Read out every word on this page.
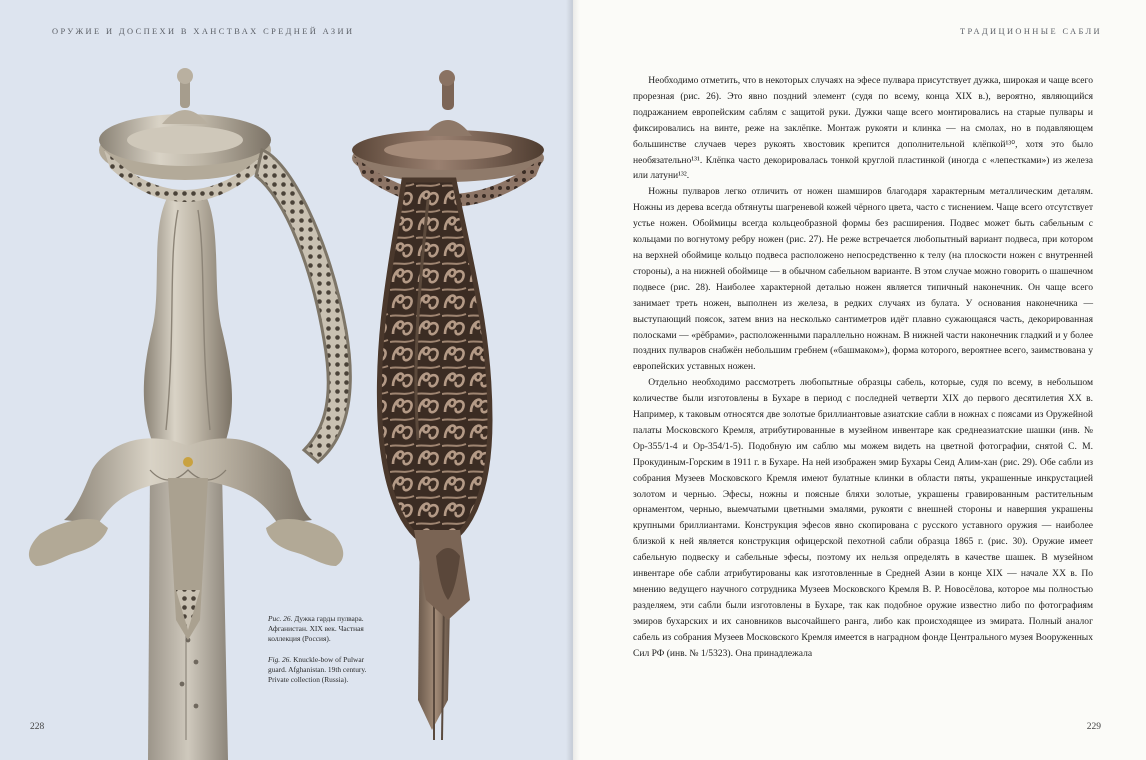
ОРУЖИЕ И ДОСПЕХИ В ХАНСТВАХ СРЕДНЕЙ АЗИИ
Рис. 26. Дужка гарды пулвара. Афганистан. XIX век. Частная коллекция (Россия).
Fig. 26. Knuckle-bow of Pulwar guard. Afghanistan. 19th century. Private collection (Russia).
228
ТРАДИЦИОННЫЕ САБЛИ

Необходимо отметить, что в некоторых случаях на эфесе пулвара присутствует дужка, широкая и чаще всего прорезная (рис. 26). Это явно поздний элемент (судя по всему, конца XIX в.), вероятно, являющийся подражанием европейским саблям с защитой руки. Дужки чаще всего монтировались на старые пулвары и фиксировались на винте, реже на заклёпке. Монтаж рукояти и клинка — на смолах, но в подавляющем большинстве случаев через рукоять хвостовик крепится дополнительной клёпкой¹³⁰, хотя это было необязательно¹³¹. Клёпка часто декорировалась тонкой круглой пластинкой (иногда с «лепестками») из железа или латуни¹³².

Ножны пулваров легко отличить от ножен шамширов благодаря характерным металлическим деталям. Ножны из дерева всегда обтянуты шагреневой кожей чёрного цвета, часто с тиснением. Чаще всего отсутствует устье ножен. Обоймицы всегда кольцеобразной формы без расширения. Подвес может быть сабельным с кольцами по вогнутому ребру ножен (рис. 27). Не реже встречается любопытный вариант подвеса, при котором на верхней обоймице кольцо подвеса расположено непосредственно к телу (на плоскости ножен с внутренней стороны), а на нижней обоймице — в обычном сабельном варианте. В этом случае можно говорить о шашечном подвесе (рис. 28). Наиболее характерной деталью ножен является типичный наконечник. Он чаще всего занимает треть ножен, выполнен из железа, в редких случаях из булата. У основания наконечника — выступающий поясок, затем вниз на несколько сантиметров идёт плавно сужающаяся часть, декорированная полосками — «рёбрами», расположенными параллельно ножнам. В нижней части наконечник гладкий и у более поздних пулваров снабжён небольшим гребнем («башмаком»), форма которого, вероятнее всего, заимствована у европейских уставных ножен.

Отдельно необходимо рассмотреть любопытные образцы сабель, которые, судя по всему, в небольшом количестве были изготовлены в Бухаре в период с последней четверти XIX до первого десятилетия XX в. Например, к таковым относятся две золотые бриллиантовые азиатские сабли в ножнах с поясами из Оружейной палаты Московского Кремля, атрибутированные в музейном инвентаре как среднеазиатские шашки (инв. № Ор-355/1-4 и Ор-354/1-5). Подобную им саблю мы можем видеть на цветной фотографии, снятой С. М. Прокудиным-Горским в 1911 г. в Бухаре. На ней изображен эмир Бухары Сеид Алим-хан (рис. 29). Обе сабли из собрания Музеев Московского Кремля имеют булатные клинки в области пяты, украшенные инкрустацией золотом и чернью. Эфесы, ножны и поясные бляхи золотые, украшены гравированным растительным орнаментом, чернью, выемчатыми цветными эмалями, рукояти с внешней стороны и навершия украшены крупными бриллиантами. Конструкция эфесов явно скопирована с русского уставного оружия — наиболее близкой к ней является конструкция офицерской пехотной сабли образца 1865 г. (рис. 30). Оружие имеет сабельную подвеску и сабельные эфесы, поэтому их нельзя определять в качестве шашек. В музейном инвентаре обе сабли атрибутированы как изготовленные в Средней Азии в конце XIX — начале XX в. По мнению ведущего научного сотрудника Музеев Московского Кремля В. Р. Новосёлова, которое мы полностью разделяем, эти сабли были изготовлены в Бухаре, так как подобное оружие известно либо по фотографиям эмиров бухарских и их сановников высочайшего ранга, либо как происходящее из эмирата. Полный аналог сабель из собрания Музеев Московского Кремля имеется в наградном фонде Центрального музея Вооруженных Сил РФ (инв. № 1/5323). Она принадлежала

229
